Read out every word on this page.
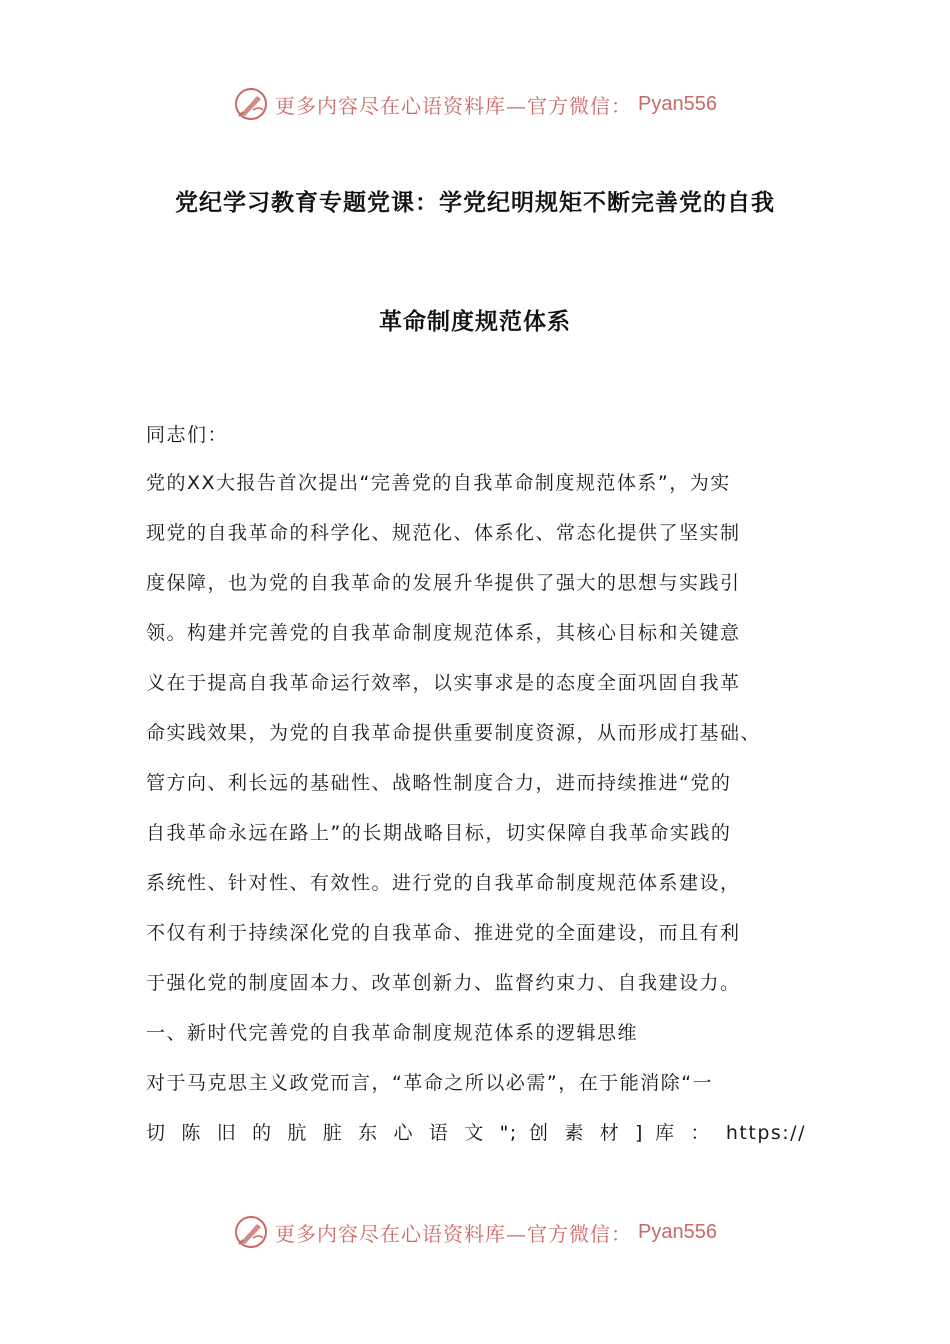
更多内容尽在心语资料库—官方微信： Pyan556
党纪学习教育专题党课：学党纪明规矩不断完善党的自我
革命制度规范体系
同志们：
党的XX大报告首次提出“完善党的自我革命制度规范体系”，为实
现党的自我革命的科学化、规范化、体系化、常态化提供了坚实制
度保障，也为党的自我革命的发展升华提供了强大的思想与实践引
领。构建并完善党的自我革命制度规范体系，其核心目标和关键意
义在于提高自我革命运行效率，以实事求是的态度全面巩固自我革
命实践效果，为党的自我革命提供重要制度资源，从而形成打基础、
管方向、利长远的基础性、战略性制度合力，进而持续推进“党的
自我革命永远在路上”的长期战略目标，切实保障自我革命实践的
系统性、针对性、有效性。进行党的自我革命制度规范体系建设，
不仅有利于持续深化党的自我革命、推进党的全面建设，而且有利
于强化党的制度固本力、改革创新力、监督约束力、自我建设力。
一、新时代完善党的自我革命制度规范体系的逻辑思维
对于马克思主义政党而言，“革命之所以必需”，在于能消除“一
切 陈 旧 的 肮 脏 东 心 语 文 "; 创 素 材 ] 库 ： https://
更多内容尽在心语资料库—官方微信： Pyan556
